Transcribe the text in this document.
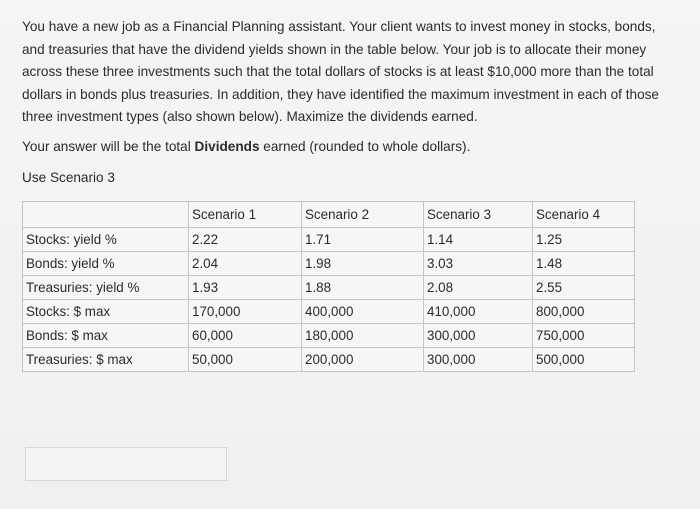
You have a new job as a Financial Planning assistant. Your client wants to invest money in stocks, bonds,

and treasuries that have the dividend yields shown in the table below. Your job is to allocate their money

across these three investments such that the total dollars of stocks is at least $10,000 more than the total

dollars in bonds plus treasuries. In addition, they have identified the maximum investment in each of those

three investment types (also shown below). Maximize the dividends earned.

Your answer will be the total Dividends earned (rounded to whole dollars).
Use Scenario 3
	Scenario 1	Scenario 2	Scenario 3	Scenario 4
Stocks: yield %	2.22	1.71	1.14	1.25
Bonds: yield %	2.04	1.98	3.03	1.48
Treasuries: yield %	1.93	1.88	2.08	2.55
Stocks: $ max	170,000	400,000	410,000	800,000
Bonds: $ max	60,000	180,000	300,000	750,000
Treasuries: $ max	50,000	200,000	300,000	500,000
